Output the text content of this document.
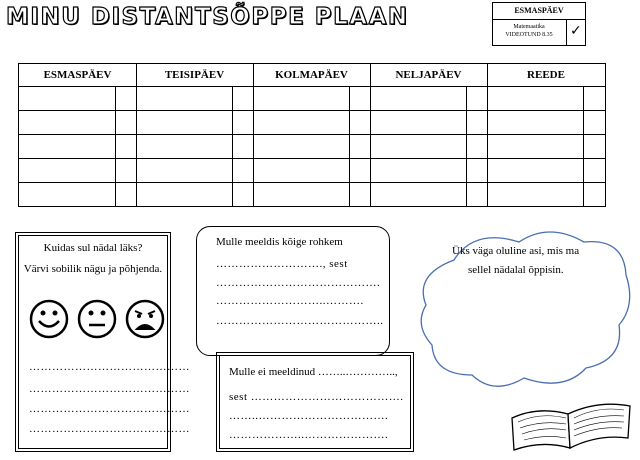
MINU DISTANTSÕPPE PLAAN	ESMASPÄEV
Matemaatika
VIDEOTUND 8.35	✓
ESMASPÄEV	TEISIPÄEV	KOLMAPÄEV	NELJAPÄEV	REEDE
Kuidas sul nädal läks?
Värvi sobilik nägu ja põhjenda.
……………………………………
……………………………………
……………………………………
……………………………………
Mulle meeldis kõige rohkem
………………………., sest
…………………………………….
………………………..……….
……………………………………..
Mulle ei meeldinud ……..…………..,
sest ………………………………….
……..…………………………….
………………..………………….
Üks väga oluline asi, mis ma
sellel nädalal õppisin.
